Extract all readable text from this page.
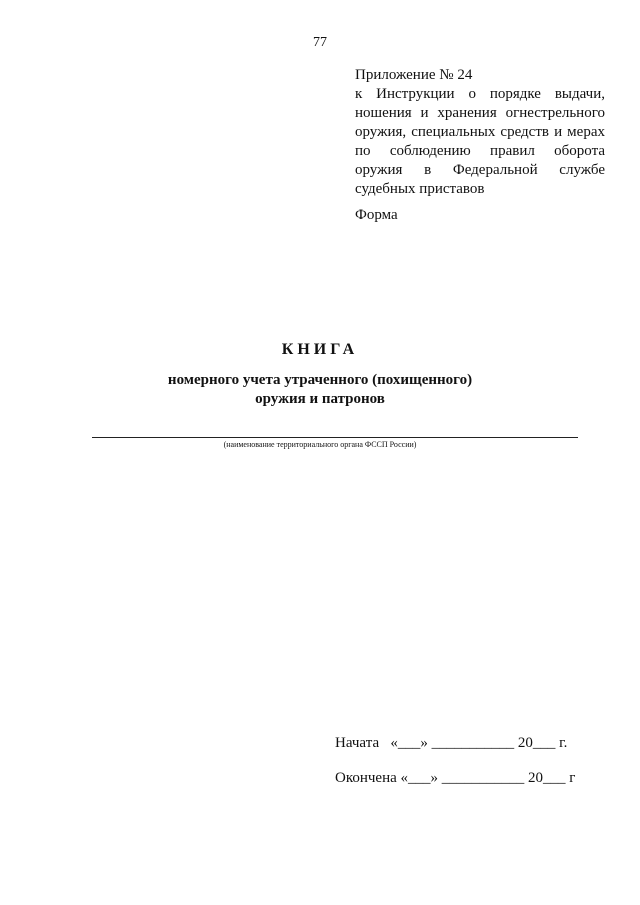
77
Приложение № 24
к Инструкции о порядке выдачи, ношения и хранения огнестрельного оружия, специальных средств и мерах по соблюдению правил оборота оружия в Федеральной службе судебных приставов
Форма
КНИГА
номерного учета утраченного (похищенного)
оружия и патронов
(наименование территориального органа ФССП России)
Начата   «___» ___________ 20___ г.
Окончена «___» ___________ 20___ г
